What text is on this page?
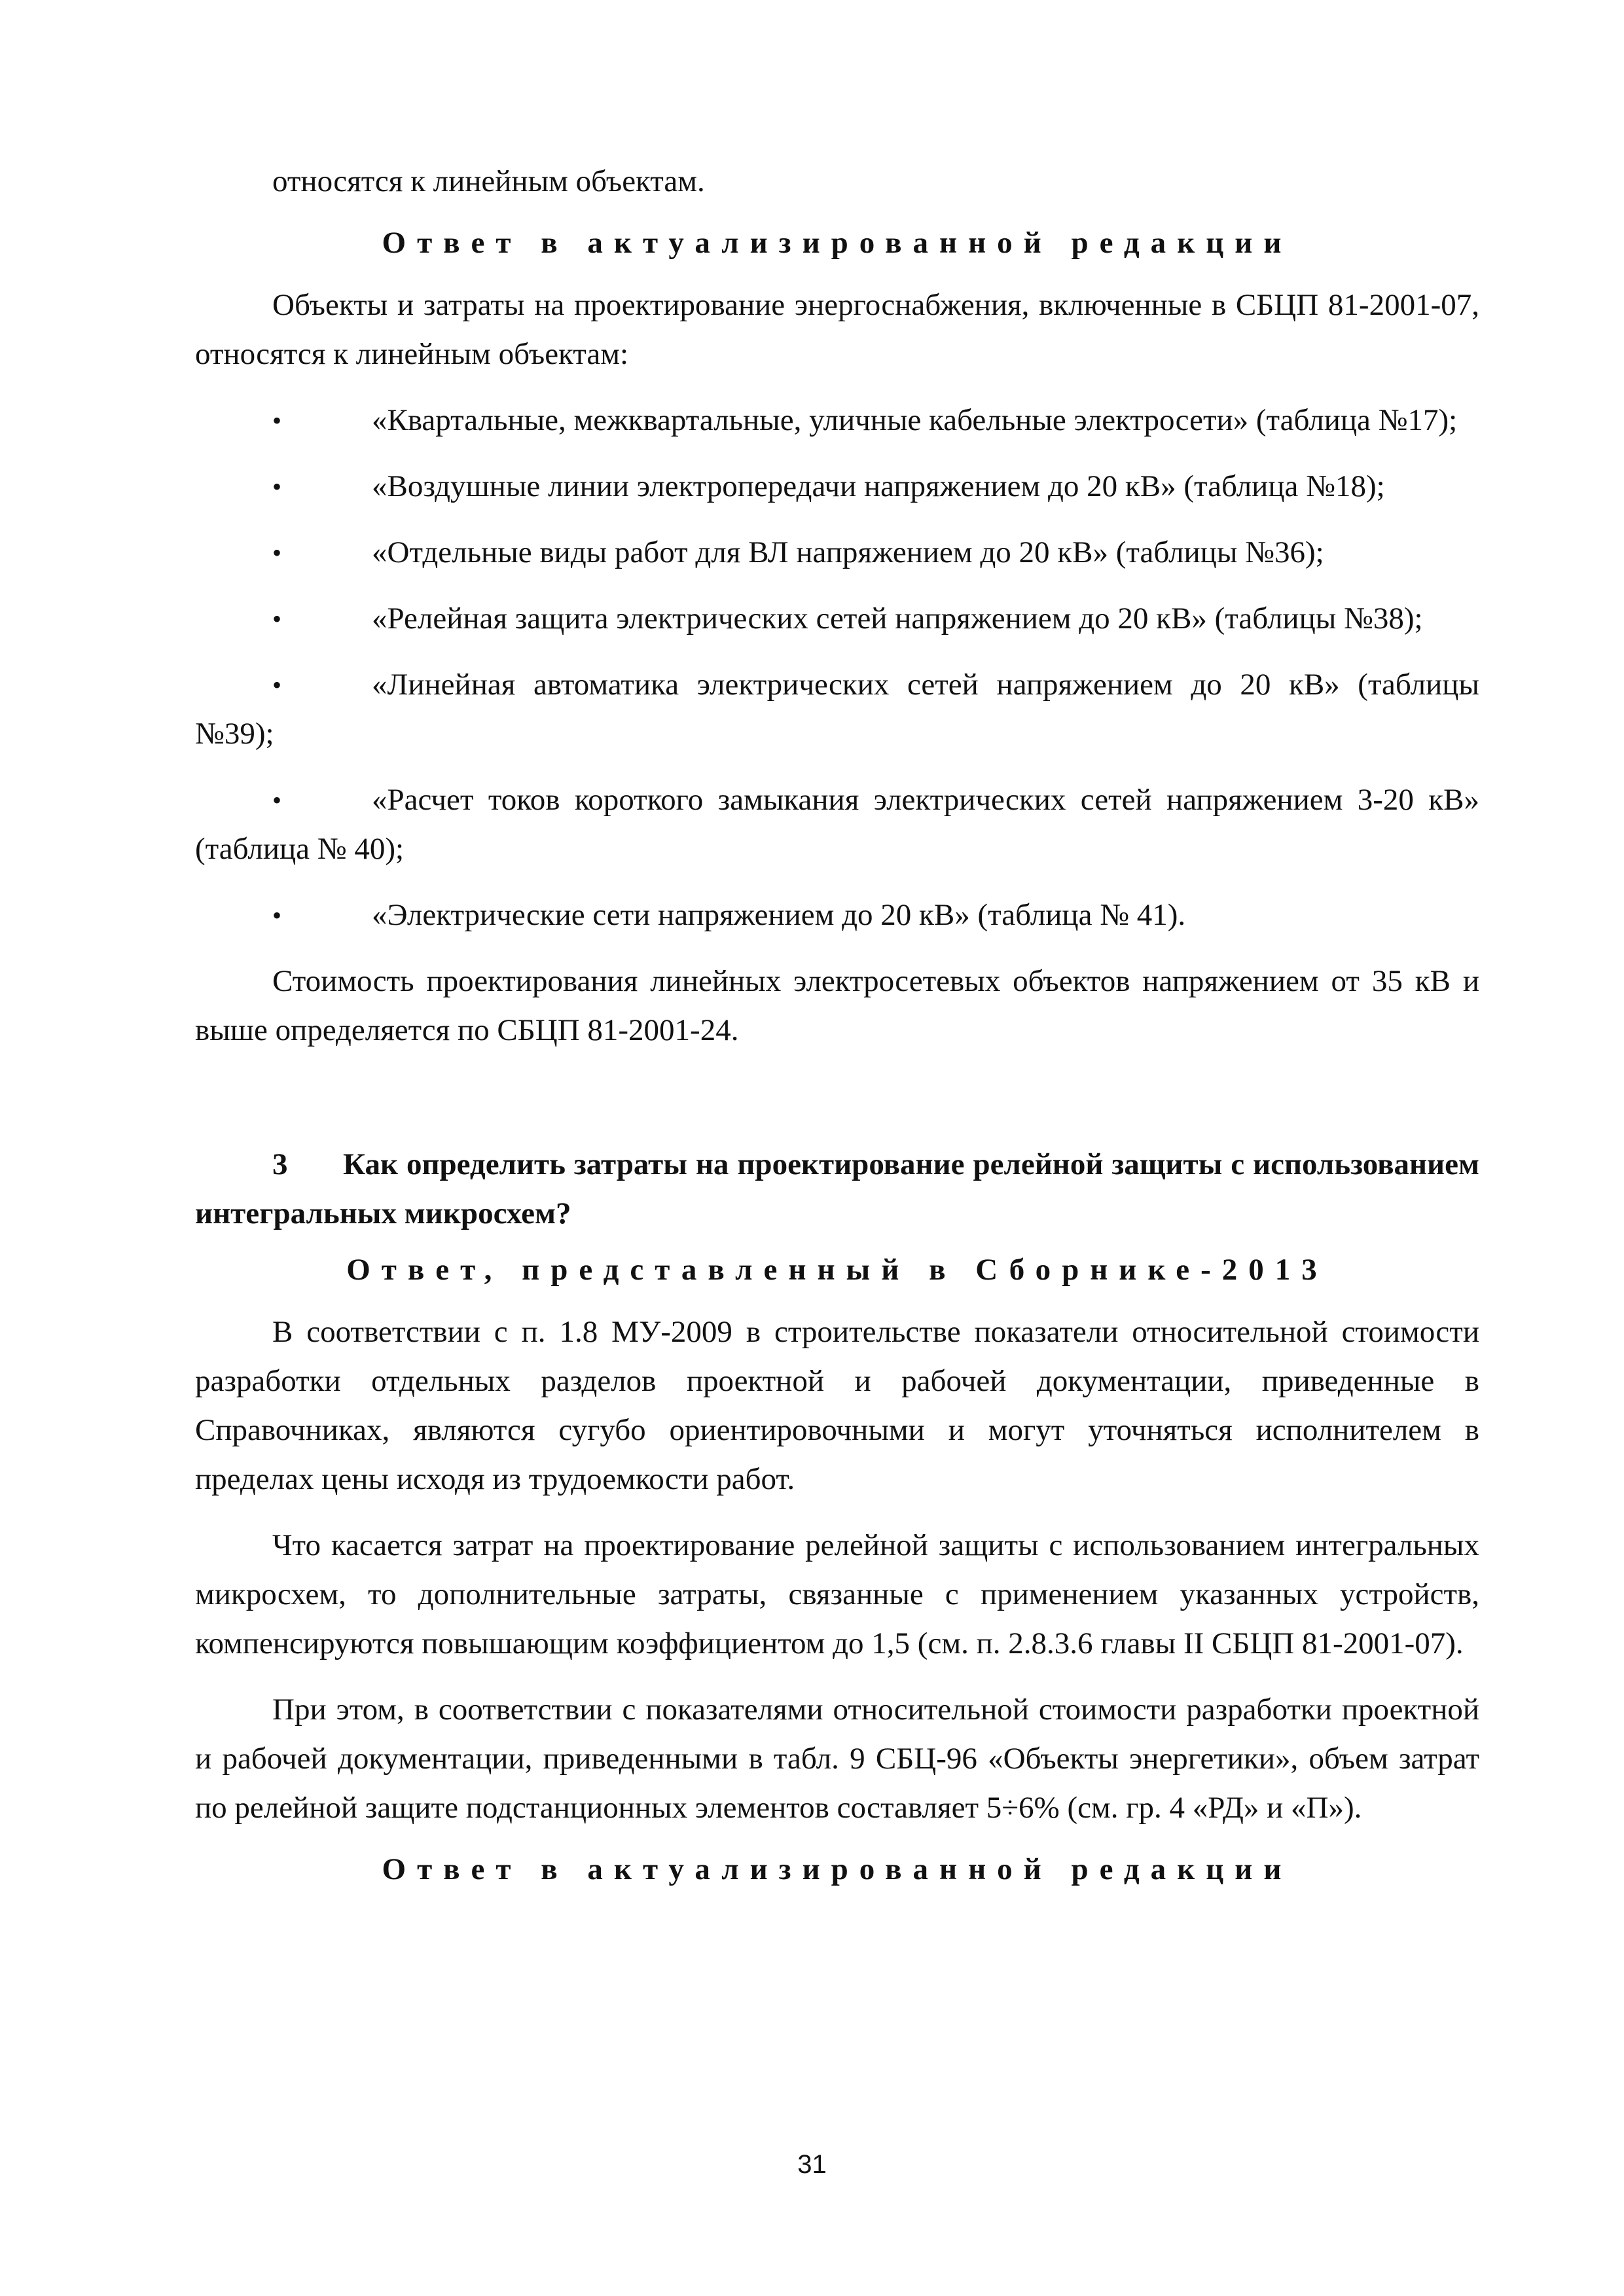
относятся к линейным объектам.

Ответ в актуализированной редакции

Объекты и затраты на проектирование энергоснабжения, включенные в СБЦП 81-2001-07, относятся к линейным объектам:

•	«Квартальные, межквартальные, уличные кабельные электросети» (таблица №17);

•	«Воздушные линии электропередачи напряжением до 20 кВ» (таблица №18);

•	«Отдельные виды работ для ВЛ напряжением до 20 кВ» (таблицы №36);

•	«Релейная защита электрических сетей напряжением до 20 кВ» (таблицы №38);

•	«Линейная автоматика электрических сетей напряжением до 20 кВ» (таблицы №39);

•	«Расчет токов короткого замыкания электрических сетей напряжением 3-20 кВ» (таблица № 40);

•	«Электрические сети напряжением до 20 кВ» (таблица № 41).

Стоимость проектирования линейных электросетевых объектов напряжением от 35 кВ и выше определяется по СБЦП 81-2001-24.

3 Как определить затраты на проектирование релейной защиты с использованием интегральных микросхем?

Ответ, представленный в Сборнике-2013

В соответствии с п. 1.8 МУ-2009 в строительстве показатели относительной стоимости разработки отдельных разделов проектной и рабочей документации, приведенные в Справочниках, являются сугубо ориентировочными и могут уточняться исполнителем в пределах цены исходя из трудоемкости работ.

Что касается затрат на проектирование релейной защиты с использованием интегральных микросхем, то дополнительные затраты, связанные с применением указанных устройств, компенсируются повышающим коэффициентом до 1,5 (см. п. 2.8.3.6 главы II СБЦП 81-2001-07).

При этом, в соответствии с показателями относительной стоимости разработки проектной и рабочей документации, приведенными в табл. 9 СБЦ-96 «Объекты энергетики», объем затрат по релейной защите подстанционных элементов составляет 5÷6% (см. гр. 4 «РД» и «П»).

Ответ в актуализированной редакции
31
